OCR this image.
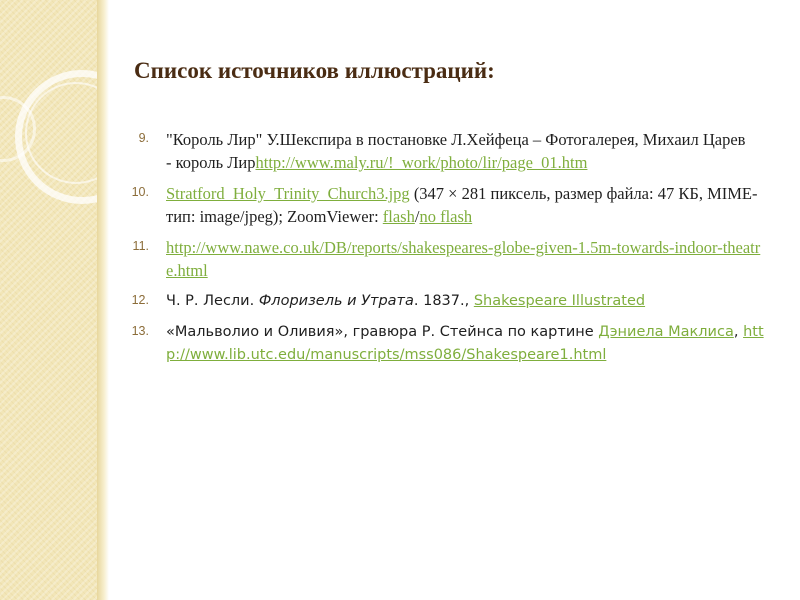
Список источников иллюстраций:
9. "Король Лир" У.Шекспира в постановке Л.Хейфеца – Фотогалерея, Михаил Царев
- король Лирhttp://www.maly.ru/!_work/photo/lir/page_01.htm
10. Stratford_Holy_Trinity_Church3.jpg (347 × 281 пиксель, размер файла: 47 КБ, MIME-тип: image/jpeg); ZoomViewer: flash/no flash
11. http://www.nawe.co.uk/DB/reports/shakespeares-globe-given-1.5m-towards-indoor-theatre.html
12. Ч. Р. Лесли. Флоризель и Утрата. 1837., Shakespeare Illustrated
13. «Мальволио и Оливия», гравюра Р. Стейнса по картине Дэниела Маклиса, http://www.lib.utc.edu/manuscripts/mss086/Shakespeare1.html
